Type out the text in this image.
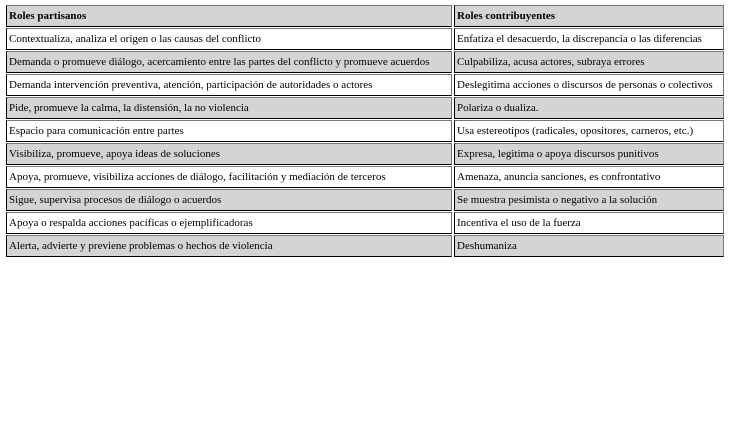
Roles partisanos	Roles contribuyentes
Contextualiza, analiza el origen o las causas del conflicto	Enfatiza el desacuerdo, la discrepancia o las diferencias
Demanda o promueve diálogo, acercamiento entre las partes del conflicto y promueve acuerdos	Culpabiliza, acusa actores, subraya errores
Demanda intervención preventiva, atención, participación de autoridades o actores	Deslegitima acciones o discursos de personas o colectivos
Pide, promueve la calma, la distensión, la no violencia	Polariza o dualiza.
Espacio para comunicación entre partes	Usa estereotipos (radicales, opositores, carneros, etc.)
Visibiliza, promueve, apoya ideas de soluciones	Expresa, legitima o apoya discursos punitivos
Apoya, promueve, visibiliza acciones de diálogo, facilitación y mediación de terceros	Amenaza, anuncia sanciones, es confrontativo
Sigue, supervisa procesos de diálogo o acuerdos	Se muestra pesimista o negativo a la solución
Apoya o respalda acciones pacíficas o ejemplificadoras	Incentiva el uso de la fuerza
Alerta, advierte y previene problemas o hechos de violencia	Deshumaniza
